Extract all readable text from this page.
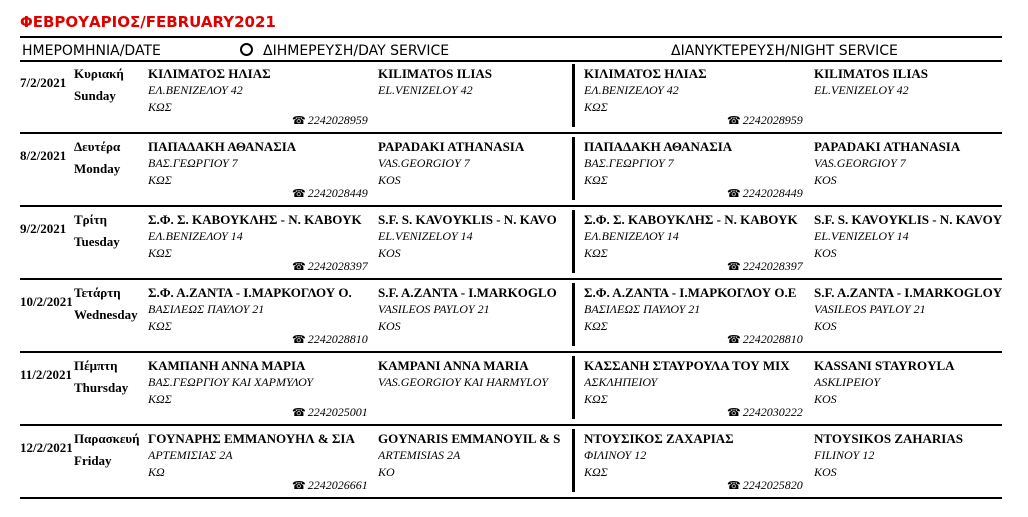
ΦΕΒΡΟΥΑΡΙΟΣ/FEBRUARY2021
ΗΜΕΡΟΜΗΝΙΑ/DATE	ΔΙΗΜΕΡΕΥΣΗ/DAY SERVICE	ΔΙΑΝΥΚΤΕΡΕΥΣΗ/NIGHT SERVICE
7/2/2021
Κυριακή
Sunday
ΚΙΛΙΜΑΤΟΣ ΗΛΙΑΣ
ΕΛ.ΒΕΝΙΖΕΛΟΥ 42
ΚΩΣ
KILIMATOS ILIAS
EL.VENIZELOY 42
☎ 2242028959
ΚΙΛΙΜΑΤΟΣ ΗΛΙΑΣ
ΕΛ.ΒΕΝΙΖΕΛΟΥ 42
ΚΩΣ
KILIMATOS ILIAS
EL.VENIZELOY 42
☎ 2242028959
8/2/2021
Δευτέρα
Monday
ΠΑΠΑΔΑΚΗ ΑΘΑΝΑΣΙΑ
ΒΑΣ.ΓΕΩΡΓΙΟΥ 7
ΚΩΣ
PAPADAKI ATHANASIA
VAS.GEORGIOY 7
KOS
☎ 2242028449
ΠΑΠΑΔΑΚΗ ΑΘΑΝΑΣΙΑ
ΒΑΣ.ΓΕΩΡΓΙΟΥ 7
ΚΩΣ
PAPADAKI ATHANASIA
VAS.GEORGIOY 7
KOS
☎ 2242028449
9/2/2021
Τρίτη
Tuesday
Σ.Φ. Σ. ΚΑΒΟΥΚΛΗΣ - Ν. ΚΑΒΟΥΚ
ΕΛ.ΒΕΝΙΖΕΛΟΥ 14
ΚΩΣ
S.F. S. KAVOYKLIS - N. KAVO
EL.VENIZELOY 14
KOS
☎ 2242028397
Σ.Φ. Σ. ΚΑΒΟΥΚΛΗΣ - Ν. ΚΑΒΟΥΚ
ΕΛ.ΒΕΝΙΖΕΛΟΥ 14
ΚΩΣ
S.F. S. KAVOYKLIS - N. KAVOY
EL.VENIZELOY 14
KOS
☎ 2242028397
10/2/2021
Τετάρτη
Wednesday
Σ.Φ. Α.ΖΑΝΤΑ - Ι.ΜΑΡΚΟΓΛΟΥ Ο.
ΒΑΣΙΛΕΩΣ ΠΑΥΛΟΥ 21
ΚΩΣ
S.F. A.ZANTA - I.MARKOGLO
VASILEOS PAYLOY 21
KOS
☎ 2242028810
Σ.Φ. Α.ΖΑΝΤΑ - Ι.ΜΑΡΚΟΓΛΟΥ Ο.Ε
ΒΑΣΙΛΕΩΣ ΠΑΥΛΟΥ 21
ΚΩΣ
S.F. A.ZANTA - I.MARKOGLOY
VASILEOS PAYLOY 21
KOS
☎ 2242028810
11/2/2021
Πέμπτη
Thursday
ΚΑΜΠΑΝΗ ΑΝΝΑ ΜΑΡΙΑ
ΒΑΣ.ΓΕΩΡΓΙΟΥ ΚΑΙ ΧΑΡΜΥΛΟΥ
ΚΩΣ
KAMPANI ANNA MARIA
VAS.GEORGIOY KAI HARMYLOY
☎ 2242025001
ΚΑΣΣΑΝΗ ΣΤΑΥΡΟΥΛΑ ΤΟΥ ΜΙΧ
ΑΣΚΛΗΠΕΙΟΥ
ΚΩΣ
KASSANI STAYROYLA
ASKLIPEIOY
KOS
☎ 2242030222
12/2/2021
Παρασκευή
Friday
ΓΟΥΝΑΡΗΣ ΕΜΜΑΝΟΥΗΛ & ΣΙΑ
ΑΡΤΕΜΙΣΙΑΣ 2Α
ΚΩ
GOYNARIS EMMANOYIL & S
ARTEMISIAS 2A
KO
☎ 2242026661
ΝΤΟΥΣΙΚΟΣ ΖΑΧΑΡΙΑΣ
ΦΙΛΙΝΟΥ 12
ΚΩΣ
NTOYSIKOS ZAHARIAS
FILINOY 12
KOS
☎ 2242025820
